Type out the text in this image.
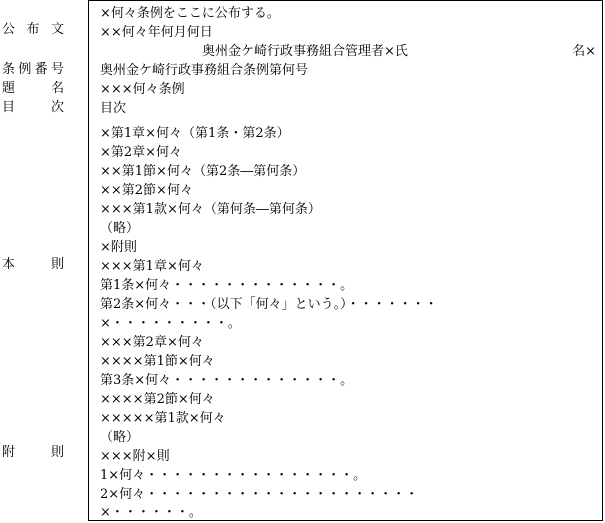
公布文
条例番号
題名
目次
本則
附則
×何々条例をここに公布する。
××何々年何月何日
奥州金ケ崎行政事務組合管理者×氏	名×
奥州金ケ崎行政事務組合条例第何号
×××何々条例
目次
×第1章×何々（第1条・第2条）
×第2章×何々
××第1節×何々（第2条―第何条）
××第2節×何々
×××第1款×何々（第何条―第何条）
（略）
×附則
×××第1章×何々
第1条×何々・・・・・・・・・・・・・。
第2条×何々・・・（以下「何々」という。）・・・・・・・
×・・・・・・・・・。
×××第2章×何々
××××第1節×何々
第3条×何々・・・・・・・・・・・・・。
××××第2節×何々
×××××第1款×何々
（略）
×××附×則
1×何々・・・・・・・・・・・・・・・・。
2×何々・・・・・・・・・・・・・・・・・・・・・
×・・・・・・。
